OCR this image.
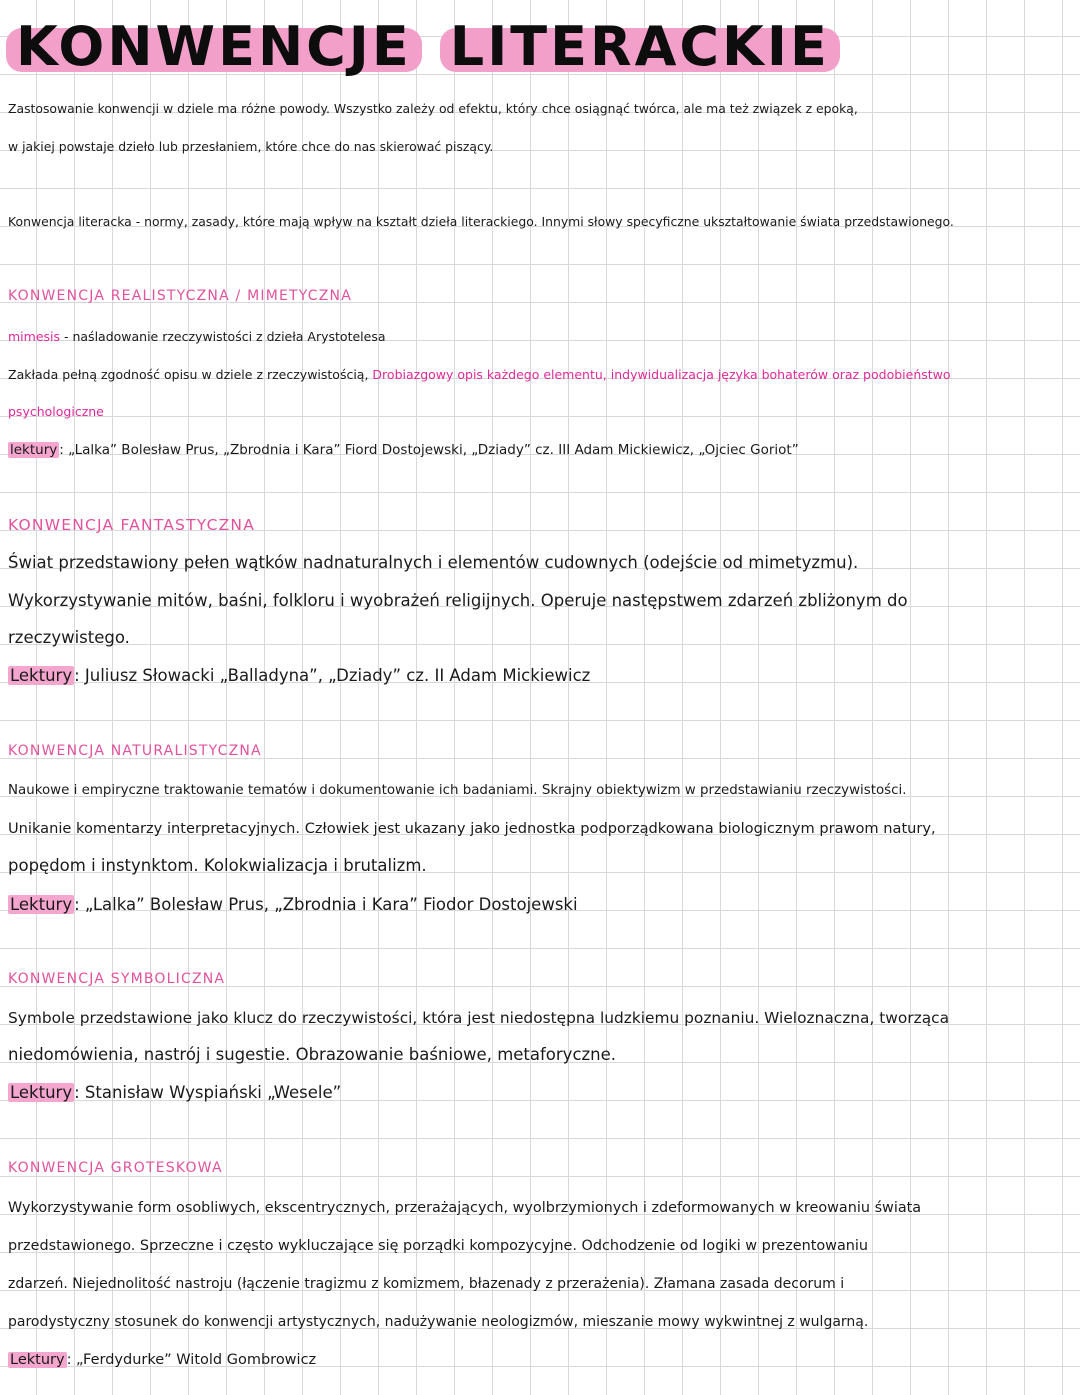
KONWENCJE LITERACKIE
Zastosowanie konwencji w dziele ma różne powody. Wszystko zależy od efektu, który chce osiągnąć twórca, ale ma też związek z epoką,
w jakiej powstaje dzieło lub przesłaniem, które chce do nas skierować piszący.
Konwencja literacka - normy, zasady, które mają wpływ na kształt dzieła literackiego. Innymi słowy specyficzne ukształtowanie świata przedstawionego.
KONWENCJA REALISTYCZNA / MIMETYCZNA
mimesis - naśladowanie rzeczywistości z dzieła Arystotelesa
Zakłada pełną zgodność opisu w dziele z rzeczywistością, Drobiazgowy opis każdego elementu, indywidualizacja języka bohaterów oraz podobieństwo
psychologiczne
lektury : „Lalka” Bolesław Prus, „Zbrodnia i Kara” Fiord Dostojewski, „Dziady” cz. III Adam Mickiewicz, „Ojciec Goriot”
KONWENCJA FANTASTYCZNA
Świat przedstawiony pełen wątków nadnaturalnych i elementów cudownych (odejście od mimetyzmu).
Wykorzystywanie mitów, baśni, folkloru i wyobrażeń religijnych. Operuje następstwem zdarzeń zbliżonym do
rzeczywistego.
Lektury : Juliusz Słowacki „Balladyna”, „Dziady” cz. II Adam Mickiewicz
KONWENCJA NATURALISTYCZNA
Naukowe i empiryczne traktowanie tematów i dokumentowanie ich badaniami. Skrajny obiektywizm w przedstawianiu rzeczywistości.
Unikanie komentarzy interpretacyjnych. Człowiek jest ukazany jako jednostka podporządkowana biologicznym prawom natury,
popędom i instynktom. Kolokwializacja i brutalizm.
Lektury : „Lalka” Bolesław Prus, „Zbrodnia i Kara” Fiodor Dostojewski
KONWENCJA SYMBOLICZNA
Symbole przedstawione jako klucz do rzeczywistości, która jest niedostępna ludzkiemu poznaniu. Wieloznaczna, tworząca
niedomówienia, nastrój i sugestie. Obrazowanie baśniowe, metaforyczne.
Lektury : Stanisław Wyspiański „Wesele”
KONWENCJA GROTESKOWA
Wykorzystywanie form osobliwych, ekscentrycznych, przerażających, wyolbrzymionych i zdeformowanych w kreowaniu świata
przedstawionego. Sprzeczne i często wykluczające się porządki kompozycyjne. Odchodzenie od logiki w prezentowaniu
zdarzeń. Niejednolitość nastroju (łączenie tragizmu z komizmem, błazenady z przerażenia). Złamana zasada decorum i
parodystyczny stosunek do konwencji artystycznych, nadużywanie neologizmów, mieszanie mowy wykwintnej z wulgarną.
Lektury : „Ferdydurke” Witold Gombrowicz
